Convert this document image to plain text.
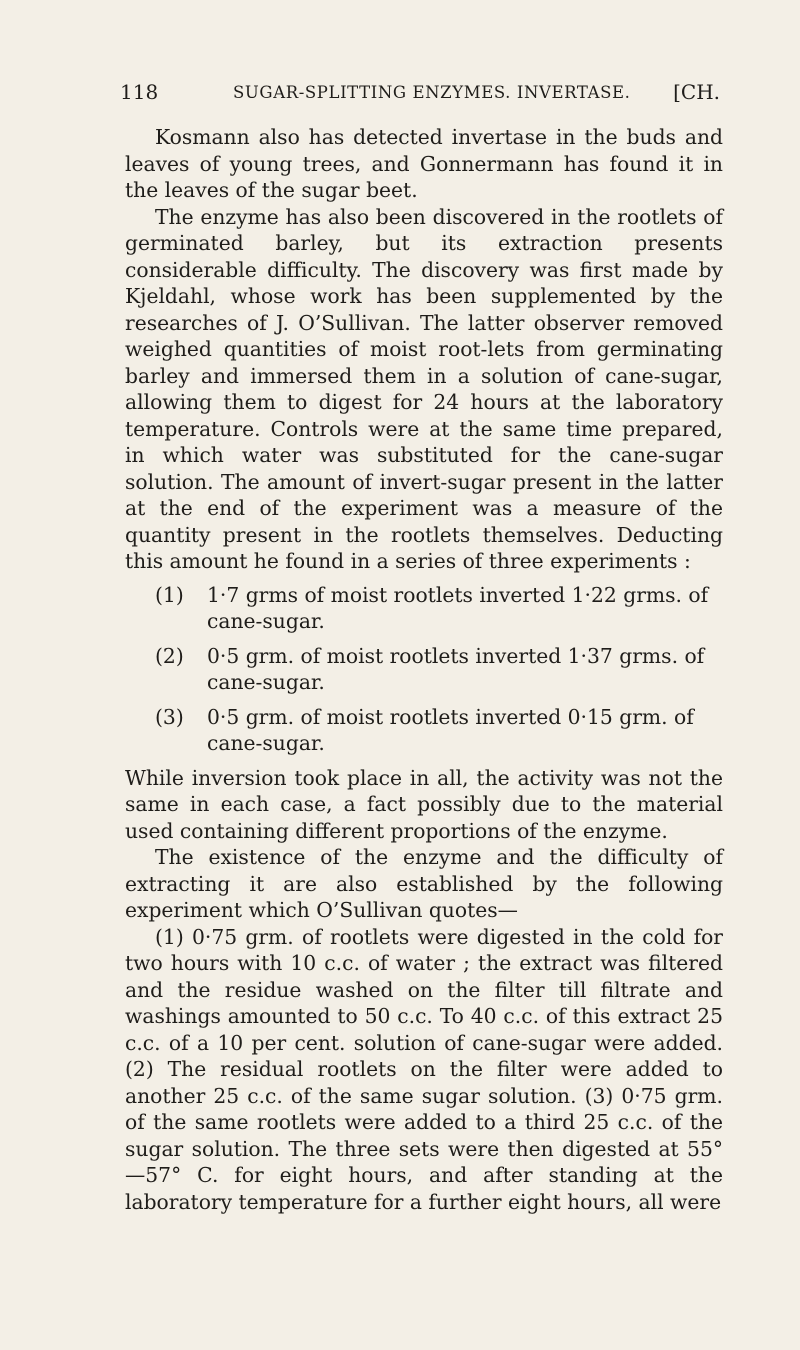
118	SUGAR-SPLITTING ENZYMES. INVERTASE. [CH.

Kosmann also has detected invertase in the buds and leaves of young trees, and Gonnermann has found it in the leaves of the sugar beet.

The enzyme has also been discovered in the rootlets of germinated barley, but its extraction presents considerable difficulty. The discovery was first made by Kjeldahl, whose work has been supplemented by the researches of J. O’Sullivan. The latter observer removed weighed quantities of moist root-lets from germinating barley and immersed them in a solution of cane-sugar, allowing them to digest for 24 hours at the laboratory temperature. Controls were at the same time prepared, in which water was substituted for the cane-sugar solution. The amount of invert-sugar present in the latter at the end of the experiment was a measure of the quantity present in the rootlets themselves. Deducting this amount he found in a series of three experiments :

(1)	1·7 grms of moist rootlets inverted 1·22 grms. of cane-sugar.
(2)	0·5 grm. of moist rootlets inverted 1·37 grms. of cane-sugar.
(3)	0·5 grm. of moist rootlets inverted 0·15 grm. of cane-sugar.

While inversion took place in all, the activity was not the same in each case, a fact possibly due to the material used containing different proportions of the enzyme.

The existence of the enzyme and the difficulty of extracting it are also established by the following experiment which O’Sullivan quotes—

(1) 0·75 grm. of rootlets were digested in the cold for two hours with 10 c.c. of water ; the extract was filtered and the residue washed on the filter till filtrate and washings amounted to 50 c.c. To 40 c.c. of this extract 25 c.c. of a 10 per cent. solution of cane-sugar were added. (2) The residual rootlets on the filter were added to another 25 c.c. of the same sugar solution. (3) 0·75 grm. of the same rootlets were added to a third 25 c.c. of the sugar solution. The three sets were then digested at 55°—57° C. for eight hours, and after standing at the laboratory temperature for a further eight hours, all were
